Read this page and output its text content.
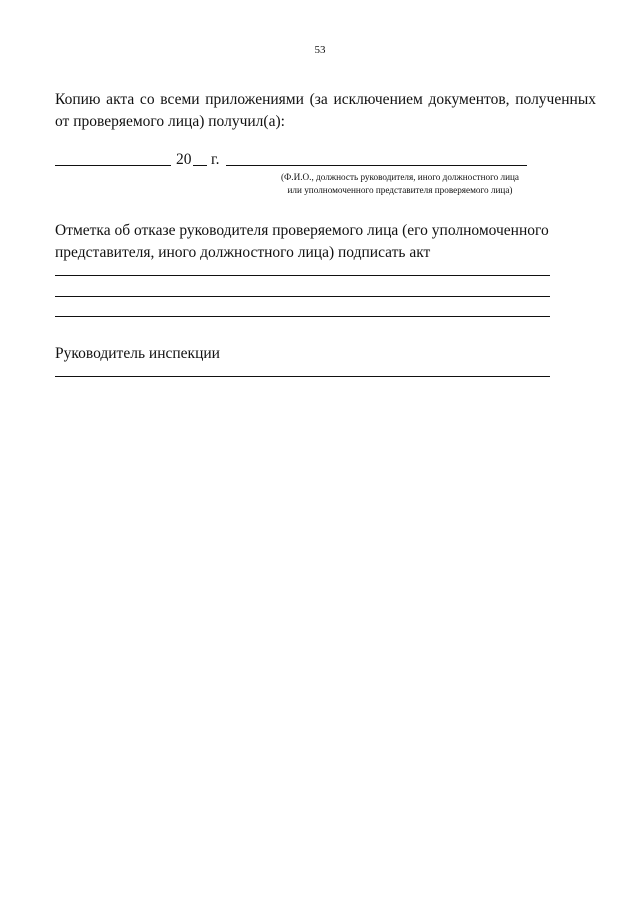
53
Копию акта со всеми приложениями (за исключением документов, полученных от проверяемого лица) получил(а):
20 г.
(Ф.И.О., должность руководителя, иного должностного лица
или уполномоченного представителя проверяемого лица)
Отметка об отказе руководителя проверяемого лица (его уполномоченного представителя, иного должностного лица) подписать акт
Руководитель инспекции
